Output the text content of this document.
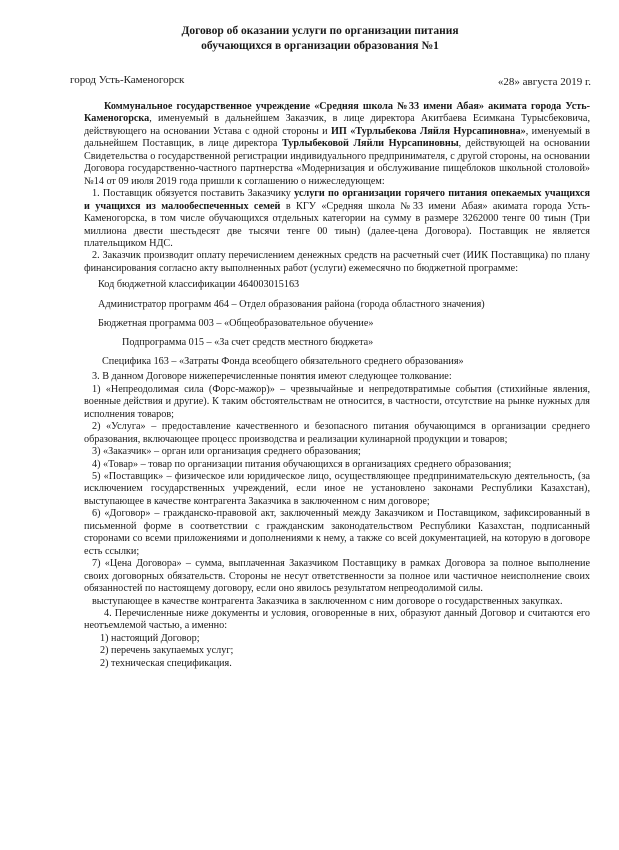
Договор об оказании услуги по организации питания
обучающихся в организации образования №1
город Усть-Каменогорск	«28» августа 2019 г.

Коммунальное государственное учреждение «Средняя школа №33 имени Абая» акимата города Усть-Каменогорска, именуемый в дальнейшем Заказчик, в лице директора Акитбаева Есимкана Турысбековича, действующего на основании Устава с одной стороны и ИП «Турлыбекова Ляйля Нурсапиновна», именуемый в дальнейшем Поставщик, в лице директора Турлыбековой Ляйли Нурсапиновны, действующей на основании Свидетельства о государственной регистрации индивидуального предпринимателя, с другой стороны, на основании Договора государственно-частного партнерства «Модернизация и обслуживание пищеблоков школьной столовой» №14 от 09 июля 2019 года пришли к соглашению о нижеследующем:

1. Поставщик обязуется поставить Заказчику услуги по организации горячего питания опекаемых учащихся и учащихся из малообеспеченных семей в КГУ «Средняя школа №33 имени Абая» акимата города Усть-Каменогорска, в том числе обучающихся отдельных категории на сумму в размере 3262000 тенге 00 тиын (Три миллиона двести шестьдесят две тысячи тенге 00 тиын) (далее-цена Договора). Поставщик не является плательщиком НДС.

2. Заказчик производит оплату перечислением денежных средств на расчетный счет (ИИК Поставщика) по плану финансирования согласно акту выполненных работ (услуги) ежемесячно по бюджетной программе:

Код бюджетной классификации 464003015163
Администратор программ 464 – Отдел образования района (города областного значения)
Бюджетная программа 003 – «Общеобразовательное обучение»
Подпрограмма 015 – «За счет средств местного бюджета»
Специфика 163 – «Затраты Фонда всеобщего обязательного среднего образования»

3. В данном Договоре нижеперечисленные понятия имеют следующее толкование:

1) «Непреодолимая сила (Форс-мажор)» – чрезвычайные и непредотвратимые события (стихийные явления, военные действия и другие). К таким обстоятельствам не относится, в частности, отсутствие на рынке нужных для исполнения товаров;

2) «Услуга» – предоставление качественного и безопасного питания обучающимся в организации среднего образования, включающее процесс производства и реализации кулинарной продукции и товаров;

3) «Заказчик» – орган или организация среднего образования;

4) «Товар» – товар по организации питания обучающихся в организациях среднего образования;

5) «Поставщик» – физическое или юридическое лицо, осуществляющее предпринимательскую деятельность, (за исключением государственных учреждений, если иное не установлено законами Республики Казахстан), выступающее в качестве контрагента Заказчика в заключенном с ним договоре;

6) «Договор» – гражданско-правовой акт, заключенный между Заказчиком и Поставщиком, зафиксированный в письменной форме в соответствии с гражданским законодательством Республики Казахстан, подписанный сторонами со всеми приложениями и дополнениями к нему, а также со всей документацией, на которую в договоре есть ссылки;

7) «Цена Договора» – сумма, выплаченная Заказчиком Поставщику в рамках Договора за полное выполнение своих договорных обязательств. Стороны не несут ответственности за полное или частичное неисполнение своих обязанностей по настоящему договору, если оно явилось результатом непреодолимой силы.

выступающее в качестве контрагента Заказчика в заключенном с ним договоре о государственных закупках.

4. Перечисленные ниже документы и условия, оговоренные в них, образуют данный Договор и считаются его неотъемлемой частью, а именно:

1) настоящий Договор;
2) перечень закупаемых услуг;
2) техническая спецификация.
